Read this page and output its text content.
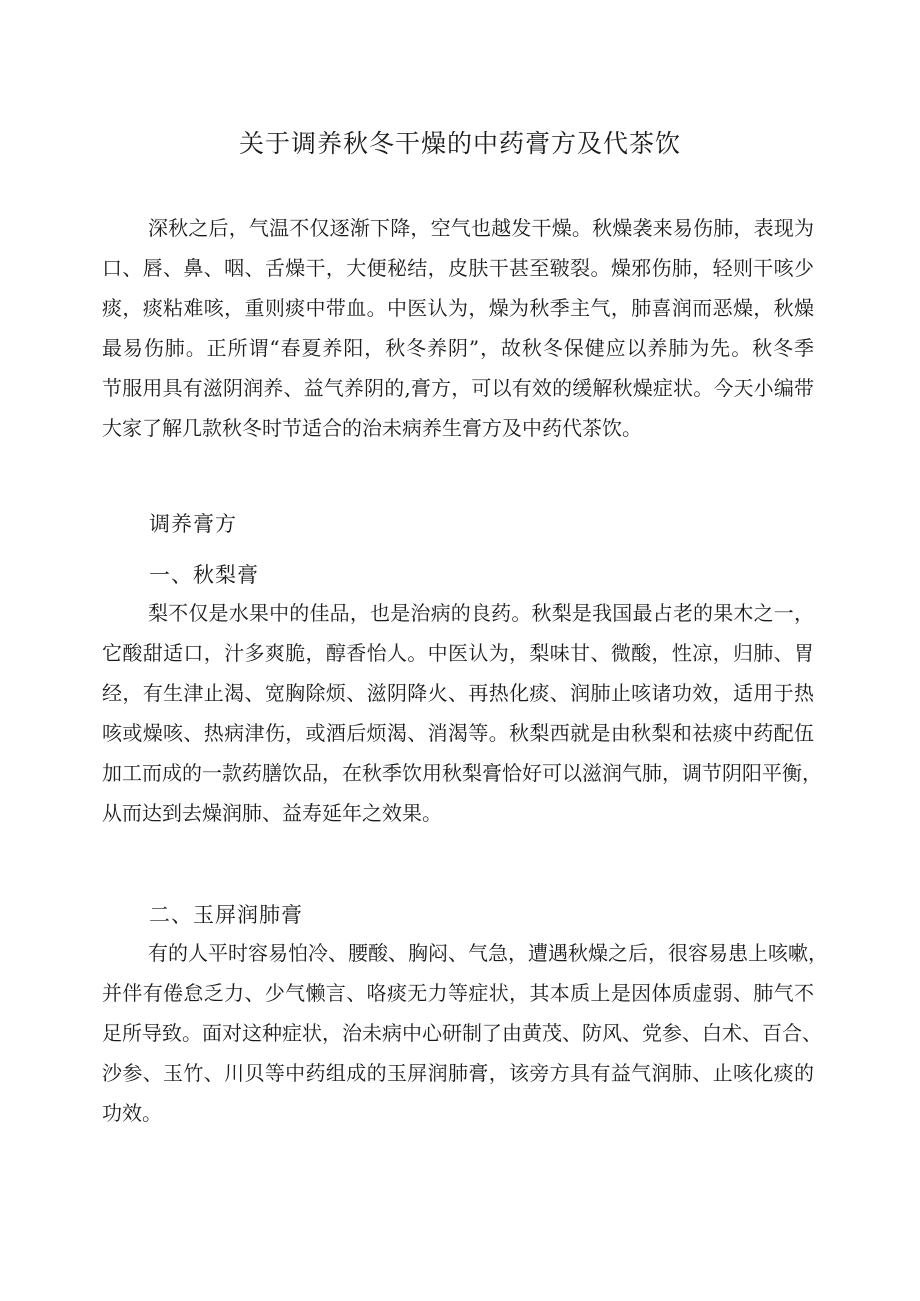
关于调养秋冬干燥的中药膏方及代茶饮
深秋之后，气温不仅逐渐下降，空气也越发干燥。秋燥袭来易伤肺，表现为
口、唇、鼻、咽、舌燥干，大便秘结，皮肤干甚至皲裂。燥邪伤肺，轻则干咳少
痰，痰粘难咳，重则痰中带血。中医认为，燥为秋季主气，肺喜润而恶燥，秋燥
最易伤肺。正所谓“春夏养阳，秋冬养阴”，故秋冬保健应以养肺为先。秋冬季
节服用具有滋阴润养、益气养阴的,膏方，可以有效的缓解秋燥症状。今天小编带
大家了解几款秋冬时节适合的治未病养生膏方及中药代茶饮。
调养膏方
一、秋梨膏
梨不仅是水果中的佳品，也是治病的良药。秋梨是我国最占老的果木之一，
它酸甜适口，汁多爽脆，醇香怡人。中医认为，梨味甘、微酸，性凉，归肺、胃
经，有生津止渴、宽胸除烦、滋阴降火、再热化痰、润肺止咳诸功效，适用于热
咳或燥咳、热病津伤，或酒后烦渴、消渴等。秋梨西就是由秋梨和祛痰中药配伍
加工而成的一款药膳饮品，在秋季饮用秋梨膏恰好可以滋润气肺，调节阴阳平衡，
从而达到去燥润肺、益寿延年之效果。
二、玉屏润肺膏
有的人平时容易怕冷、腰酸、胸闷、气急，遭遇秋燥之后，很容易患上咳嗽，
并伴有倦怠乏力、少气懒言、咯痰无力等症状，其本质上是因体质虚弱、肺气不
足所导致。面对这种症状，治未病中心研制了由黄茂、防风、党参、白术、百合、
沙参、玉竹、川贝等中药组成的玉屏润肺膏，该旁方具有益气润肺、止咳化痰的
功效。
